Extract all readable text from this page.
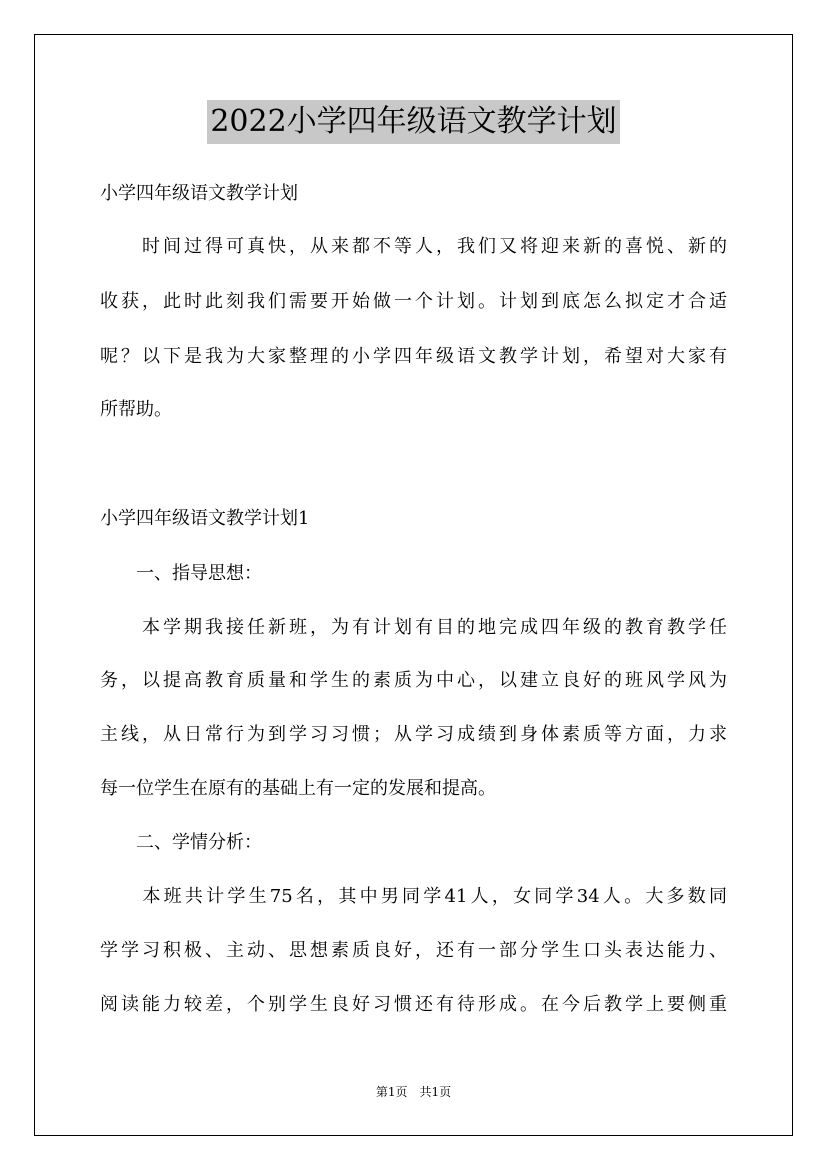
2022小学四年级语文教学计划
小学四年级语文教学计划
　　时间过得可真快，从来都不等人，我们又将迎来新的喜悦、新的
收获，此时此刻我们需要开始做一个计划。计划到底怎么拟定才合适
呢？以下是我为大家整理的小学四年级语文教学计划，希望对大家有
所帮助。
小学四年级语文教学计划1
　　一、指导思想：
　　本学期我接任新班，为有计划有目的地完成四年级的教育教学任
务，以提高教育质量和学生的素质为中心，以建立良好的班风学风为
主线，从日常行为到学习习惯；从学习成绩到身体素质等方面，力求
每一位学生在原有的基础上有一定的发展和提高。
　　二、学情分析：
　　本班共计学生75名，其中男同学41人，女同学34人。大多数同
学学习积极、主动、思想素质良好，还有一部分学生口头表达能力、
阅读能力较差，个别学生良好习惯还有待形成。在今后教学上要侧重
第1页　共1页
